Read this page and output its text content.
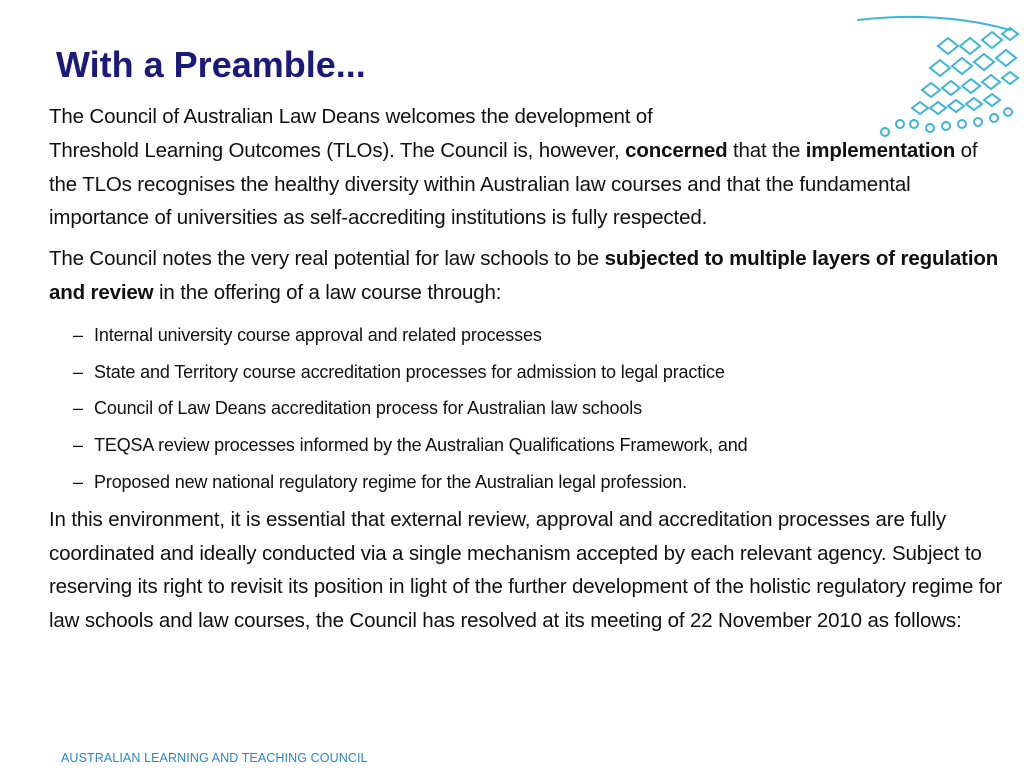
With a Preamble...

The Council of Australian Law Deans welcomes the development of
Threshold Learning Outcomes (TLOs). The Council is, however, concerned that the implementation of the TLOs recognises the healthy diversity within Australian law courses and that the fundamental importance of universities as self-accrediting institutions is fully respected.

The Council notes the very real potential for law schools to be subjected to multiple layers of regulation and review in the offering of a law course through:

– Internal university course approval and related processes
– State and Territory course accreditation processes for admission to legal practice
– Council of Law Deans accreditation process for Australian law schools
– TEQSA review processes informed by the Australian Qualifications Framework, and
– Proposed new national regulatory regime for the Australian legal profession.

In this environment, it is essential that external review, approval and accreditation processes are fully coordinated and ideally conducted via a single mechanism accepted by each relevant agency. Subject to reserving its right to revisit its position in light of the further development of the holistic regulatory regime for law schools and law courses, the Council has resolved at its meeting of 22 November 2010 as follows:

AUSTRALIAN LEARNING AND TEACHING COUNCIL
